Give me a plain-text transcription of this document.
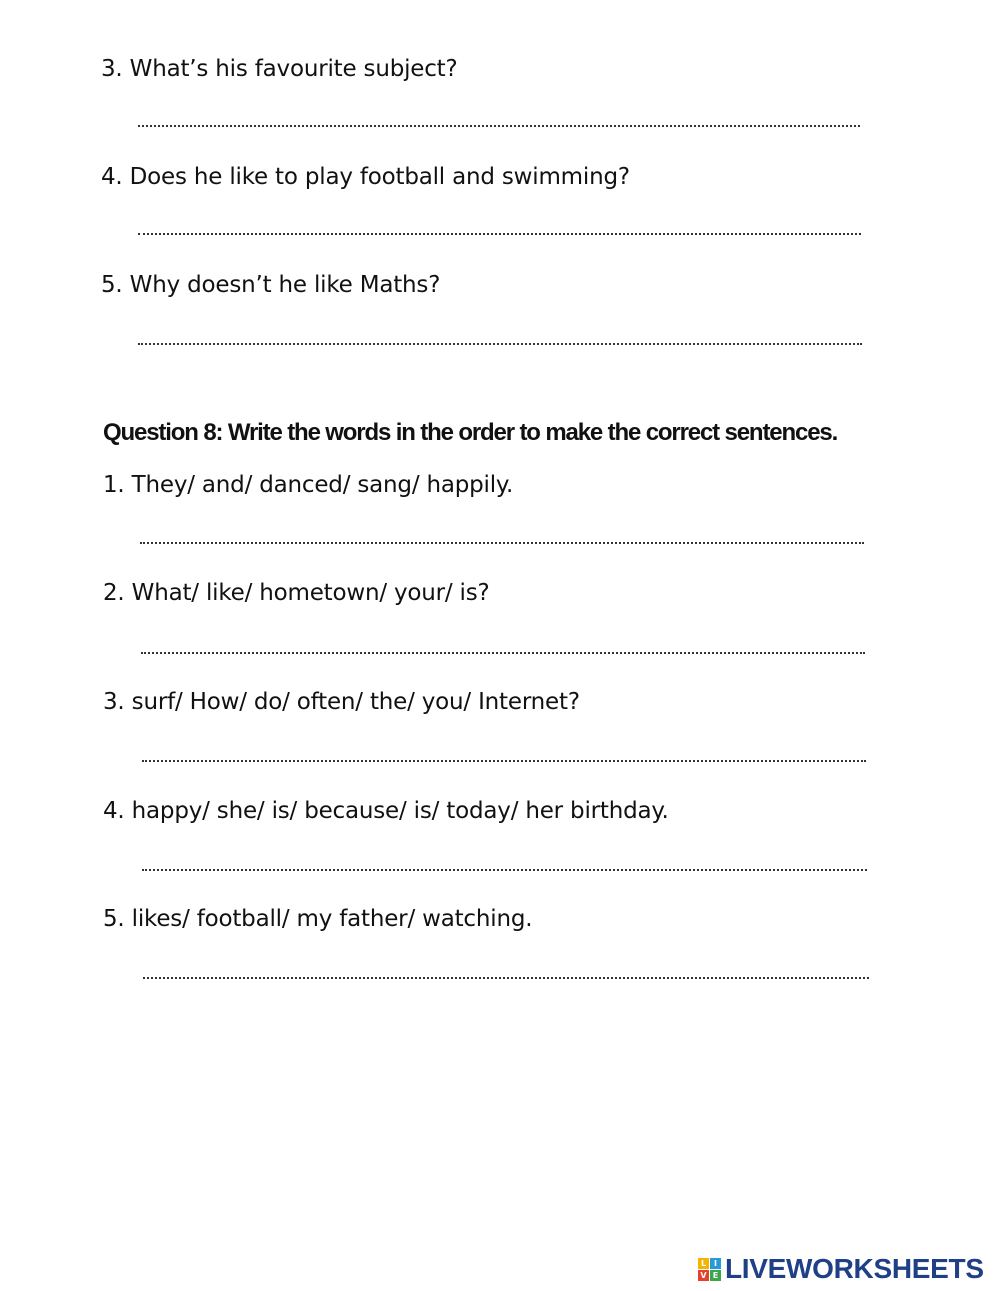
3. What’s his favourite subject?
4. Does he like to play football and swimming?
5. Why doesn’t he like Maths?
Question 8: Write the words in the order to make the correct sentences.
1. They/ and/ danced/ sang/ happily.
2. What/ like/ hometown/ your/ is?
3. surf/ How/ do/ often/ the/ you/ Internet?
4. happy/ she/ is/ because/ is/ today/ her birthday.
5. likes/ football/ my father/ watching.
L I
V E LIVEWORKSHEETS
